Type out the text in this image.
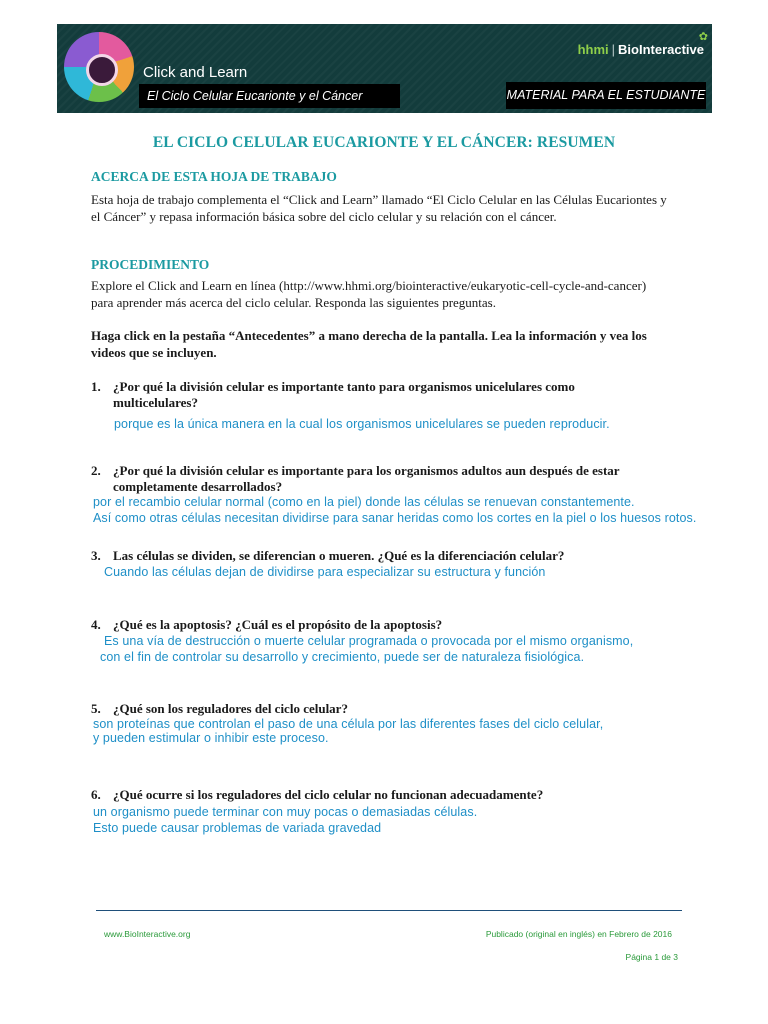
Click and Learn
El Ciclo Celular Eucarionte y el Cáncer
✿
hhmi | BioInteractive
MATERIAL PARA EL ESTUDIANTE
EL CICLO CELULAR EUCARIONTE Y EL CÁNCER: RESUMEN
ACERCA DE ESTA HOJA DE TRABAJO
Esta hoja de trabajo complementa el “Click and Learn” llamado “El Ciclo Celular en las Células Eucariontes y el Cáncer” y repasa información básica sobre del ciclo celular y su relación con el cáncer.
PROCEDIMIENTO
Explore el Click and Learn en línea (http://www.hhmi.org/biointeractive/eukaryotic-cell-cycle-and-cancer) para aprender más acerca del ciclo celular. Responda las siguientes preguntas.
Haga click en la pestaña “Antecedentes” a mano derecha de la pantalla. Lea la información y vea los videos que se incluyen.
1. ¿Por qué la división celular es importante tanto para organismos unicelulares como
multicelulares?
porque es la única manera en la cual los organismos unicelulares se pueden reproducir.
2. ¿Por qué la división celular es importante para los organismos adultos aun después de estar
completamente desarrollados?
por el recambio celular normal (como en la piel) donde las células se renuevan constantemente.
Así como otras células necesitan dividirse para sanar heridas como los cortes en la piel o los huesos rotos.
3. Las células se dividen, se diferencian o mueren. ¿Qué es la diferenciación celular?
Cuando las células dejan de dividirse para especializar su estructura y función
4. ¿Qué es la apoptosis? ¿Cuál es el propósito de la apoptosis?
Es una vía de destrucción o muerte celular programada o provocada por el mismo organismo,
con el fin de controlar su desarrollo y crecimiento, puede ser de naturaleza fisiológica.
5. ¿Qué son los reguladores del ciclo celular?
son proteínas que controlan el paso de una célula por las diferentes fases del ciclo celular,
y pueden estimular o inhibir este proceso.
6. ¿Qué ocurre si los reguladores del ciclo celular no funcionan adecuadamente?
un organismo puede terminar con muy pocas o demasiadas células.
Esto puede causar problemas de variada gravedad
www.BioInteractive.org	Publicado (original en inglés) en Febrero de 2016
Página 1 de 3
